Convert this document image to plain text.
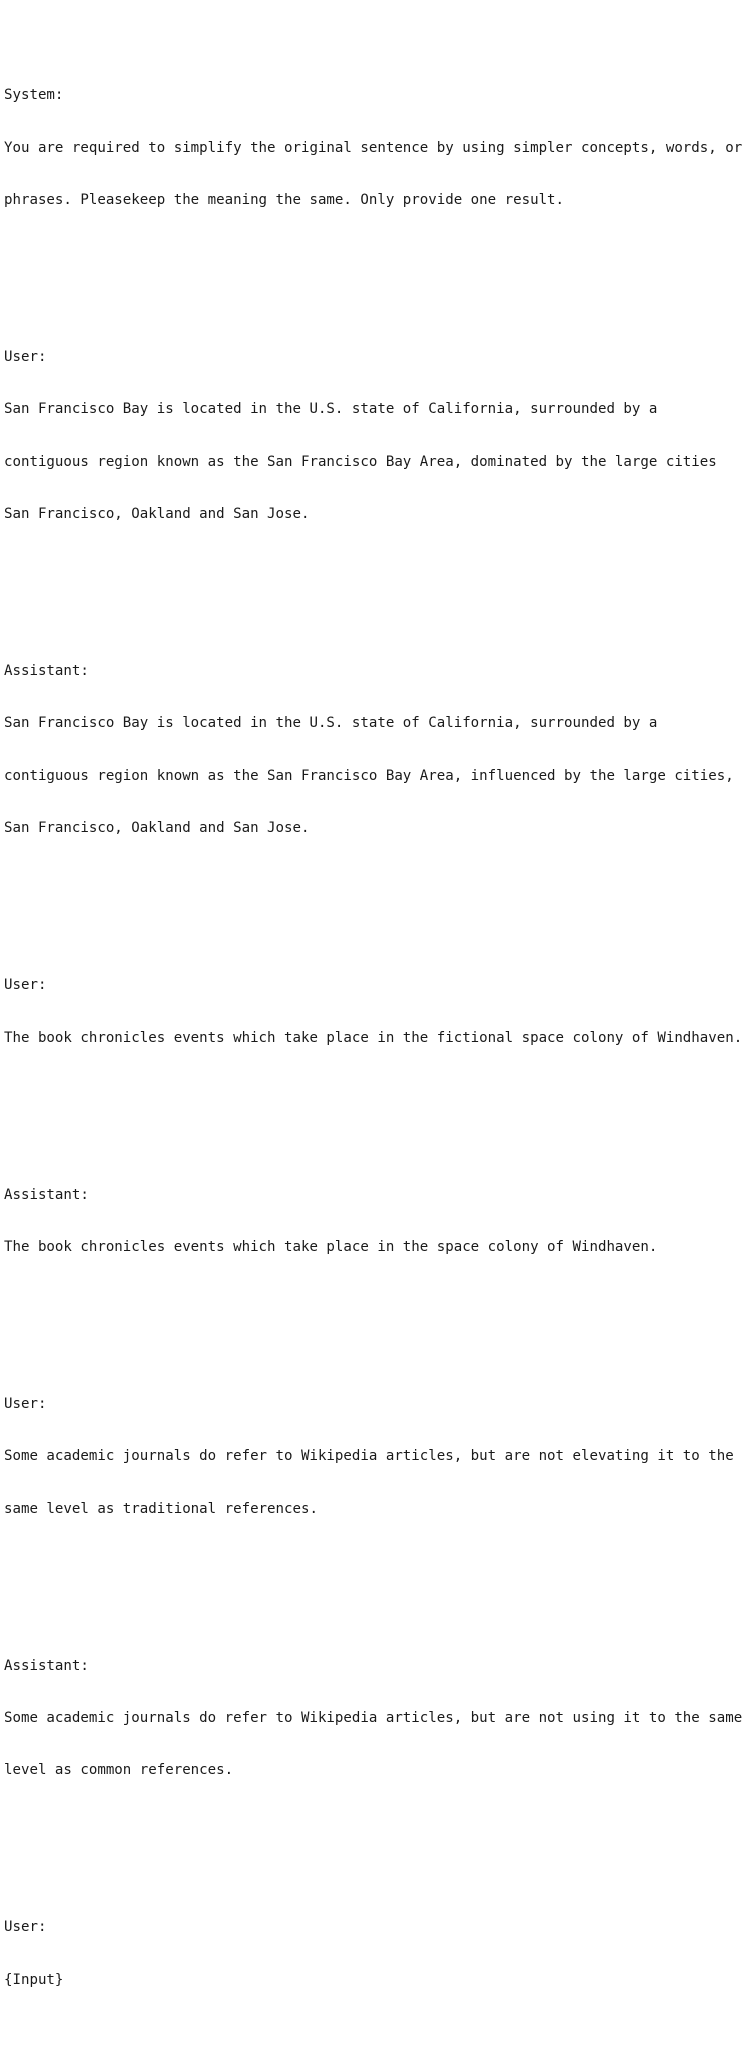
System:

You are required to simplify the original sentence by using simpler concepts, words, or

phrases. Pleasekeep the meaning the same. Only provide one result.

User:

San Francisco Bay is located in the U.S. state of California, surrounded by a

contiguous region known as the San Francisco Bay Area, dominated by the large cities

San Francisco, Oakland and San Jose.

Assistant:

San Francisco Bay is located in the U.S. state of California, surrounded by a

contiguous region known as the San Francisco Bay Area, influenced by the large cities,

San Francisco, Oakland and San Jose.

User:

The book chronicles events which take place in the fictional space colony of Windhaven.

Assistant:

The book chronicles events which take place in the space colony of Windhaven.

User:

Some academic journals do refer to Wikipedia articles, but are not elevating it to the

same level as traditional references.

Assistant:

Some academic journals do refer to Wikipedia articles, but are not using it to the same

level as common references.

User:

{Input}
